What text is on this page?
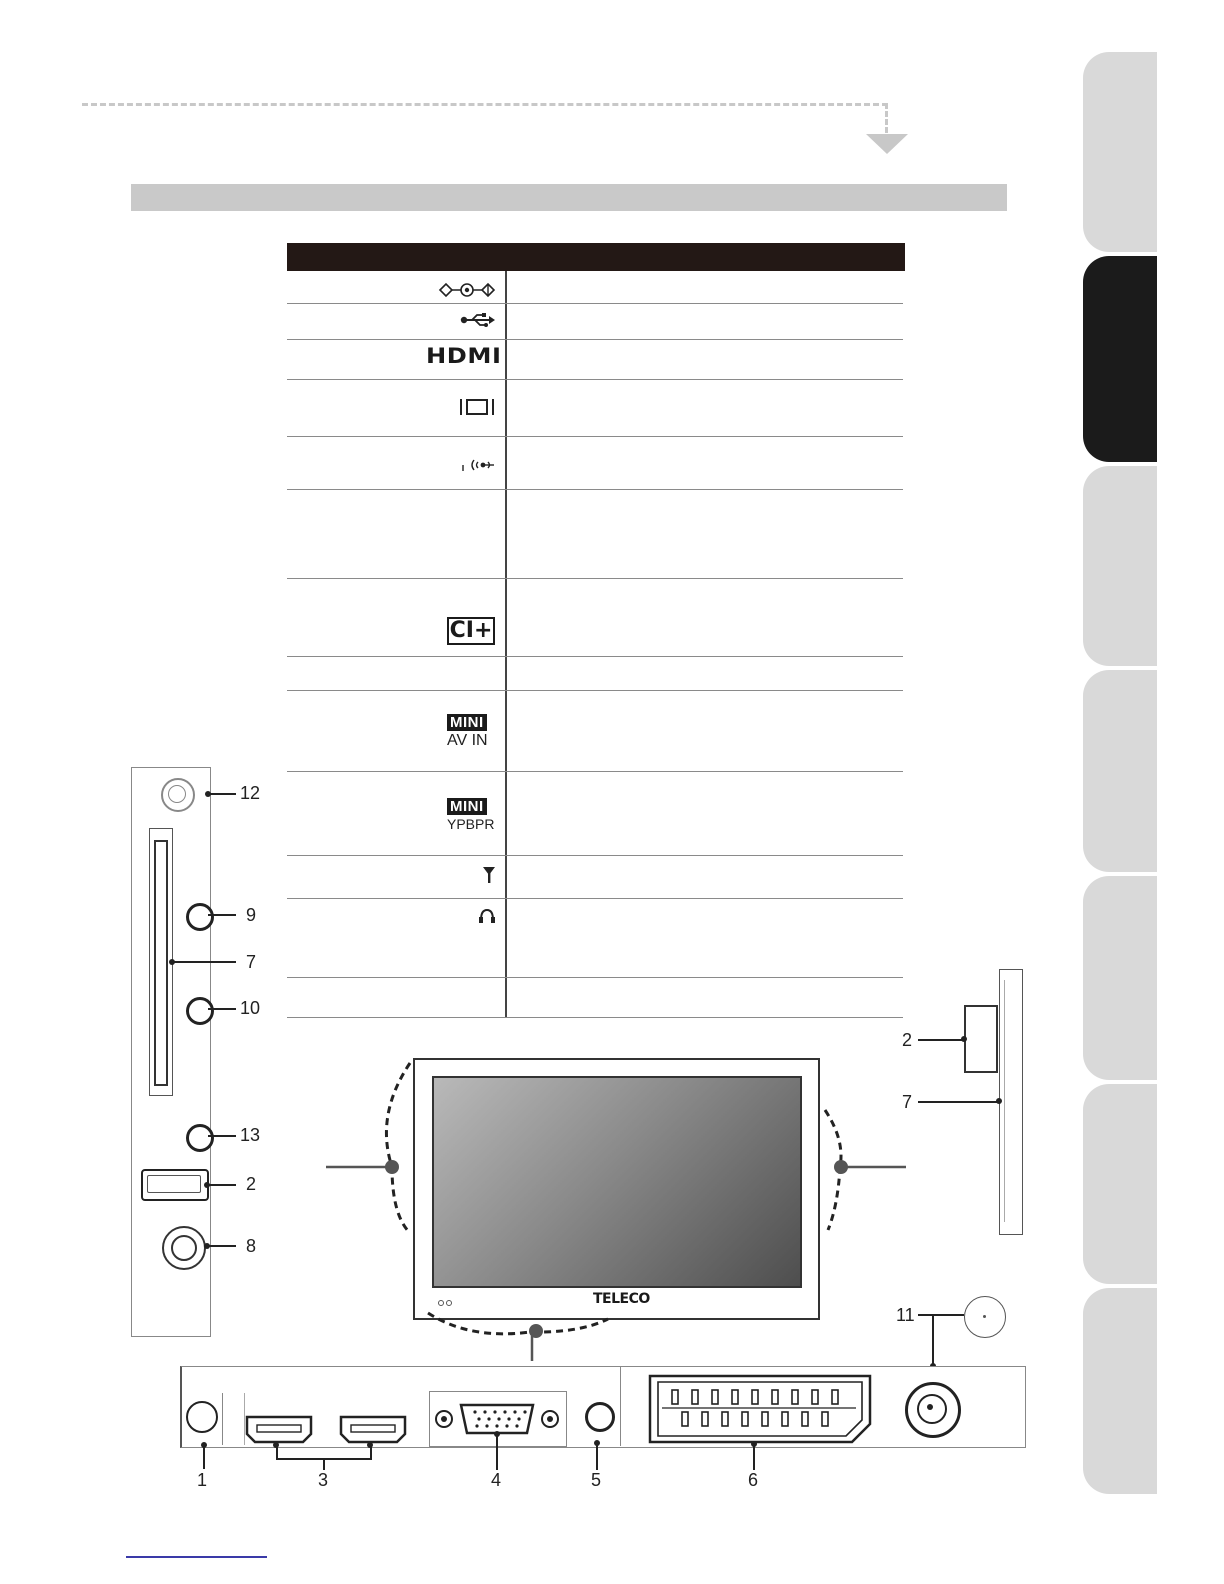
HDMI
CI+
MINI
AV IN
MINI
YPBPR
12
9
7
10
13
2
8
TELECO
2
7
11
1	3	4	5	6
